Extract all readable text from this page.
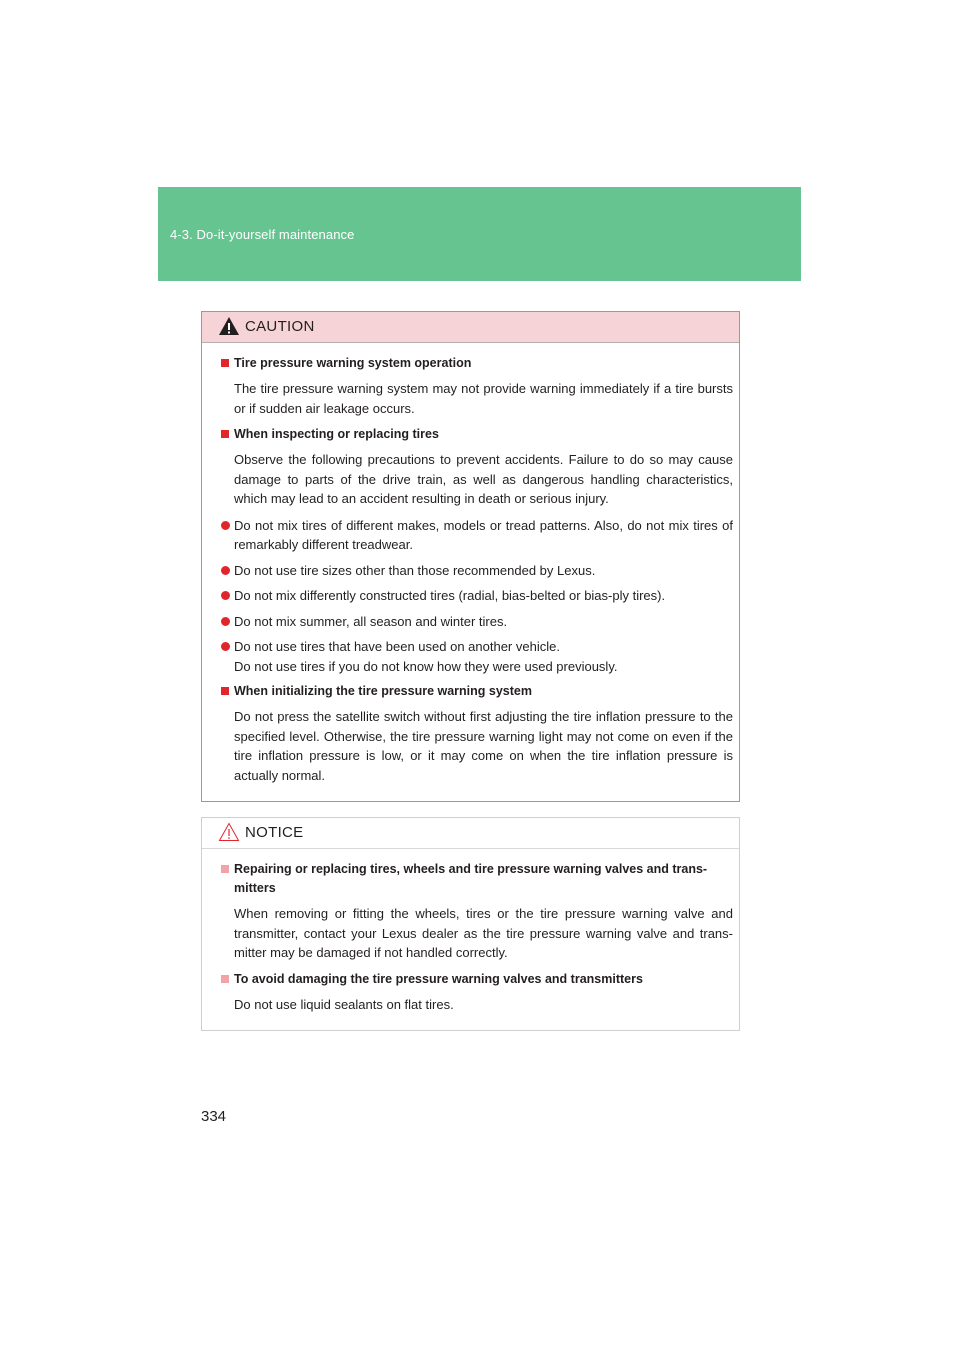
4-3. Do-it-yourself maintenance
CAUTION
Tire pressure warning system operation

The tire pressure warning system may not provide warning immediately if a tire bursts or if sudden air leakage occurs.

When inspecting or replacing tires

Observe the following precautions to prevent accidents. Failure to do so may cause damage to parts of the drive train, as well as dangerous handling characteristics, which may lead to an accident resulting in death or serious injury.

Do not mix tires of different makes, models or tread patterns. Also, do not mix tires of remarkably different treadwear.
Do not use tire sizes other than those recommended by Lexus.
Do not mix differently constructed tires (radial, bias-belted or bias-ply tires).
Do not mix summer, all season and winter tires.
Do not use tires that have been used on another vehicle.
Do not use tires if you do not know how they were used previously.
When initializing the tire pressure warning system

Do not press the satellite switch without first adjusting the tire inflation pressure to the specified level. Otherwise, the tire pressure warning light may not come on even if the tire inflation pressure is low, or it may come on when the tire inflation pressure is actually normal.

NOTICE
Repairing or replacing tires, wheels and tire pressure warning valves and trans-mitters

When removing or fitting the wheels, tires or the tire pressure warning valve and transmitter, contact your Lexus dealer as the tire pressure warning valve and trans-mitter may be damaged if not handled correctly.

To avoid damaging the tire pressure warning valves and transmitters

Do not use liquid sealants on flat tires.

334
